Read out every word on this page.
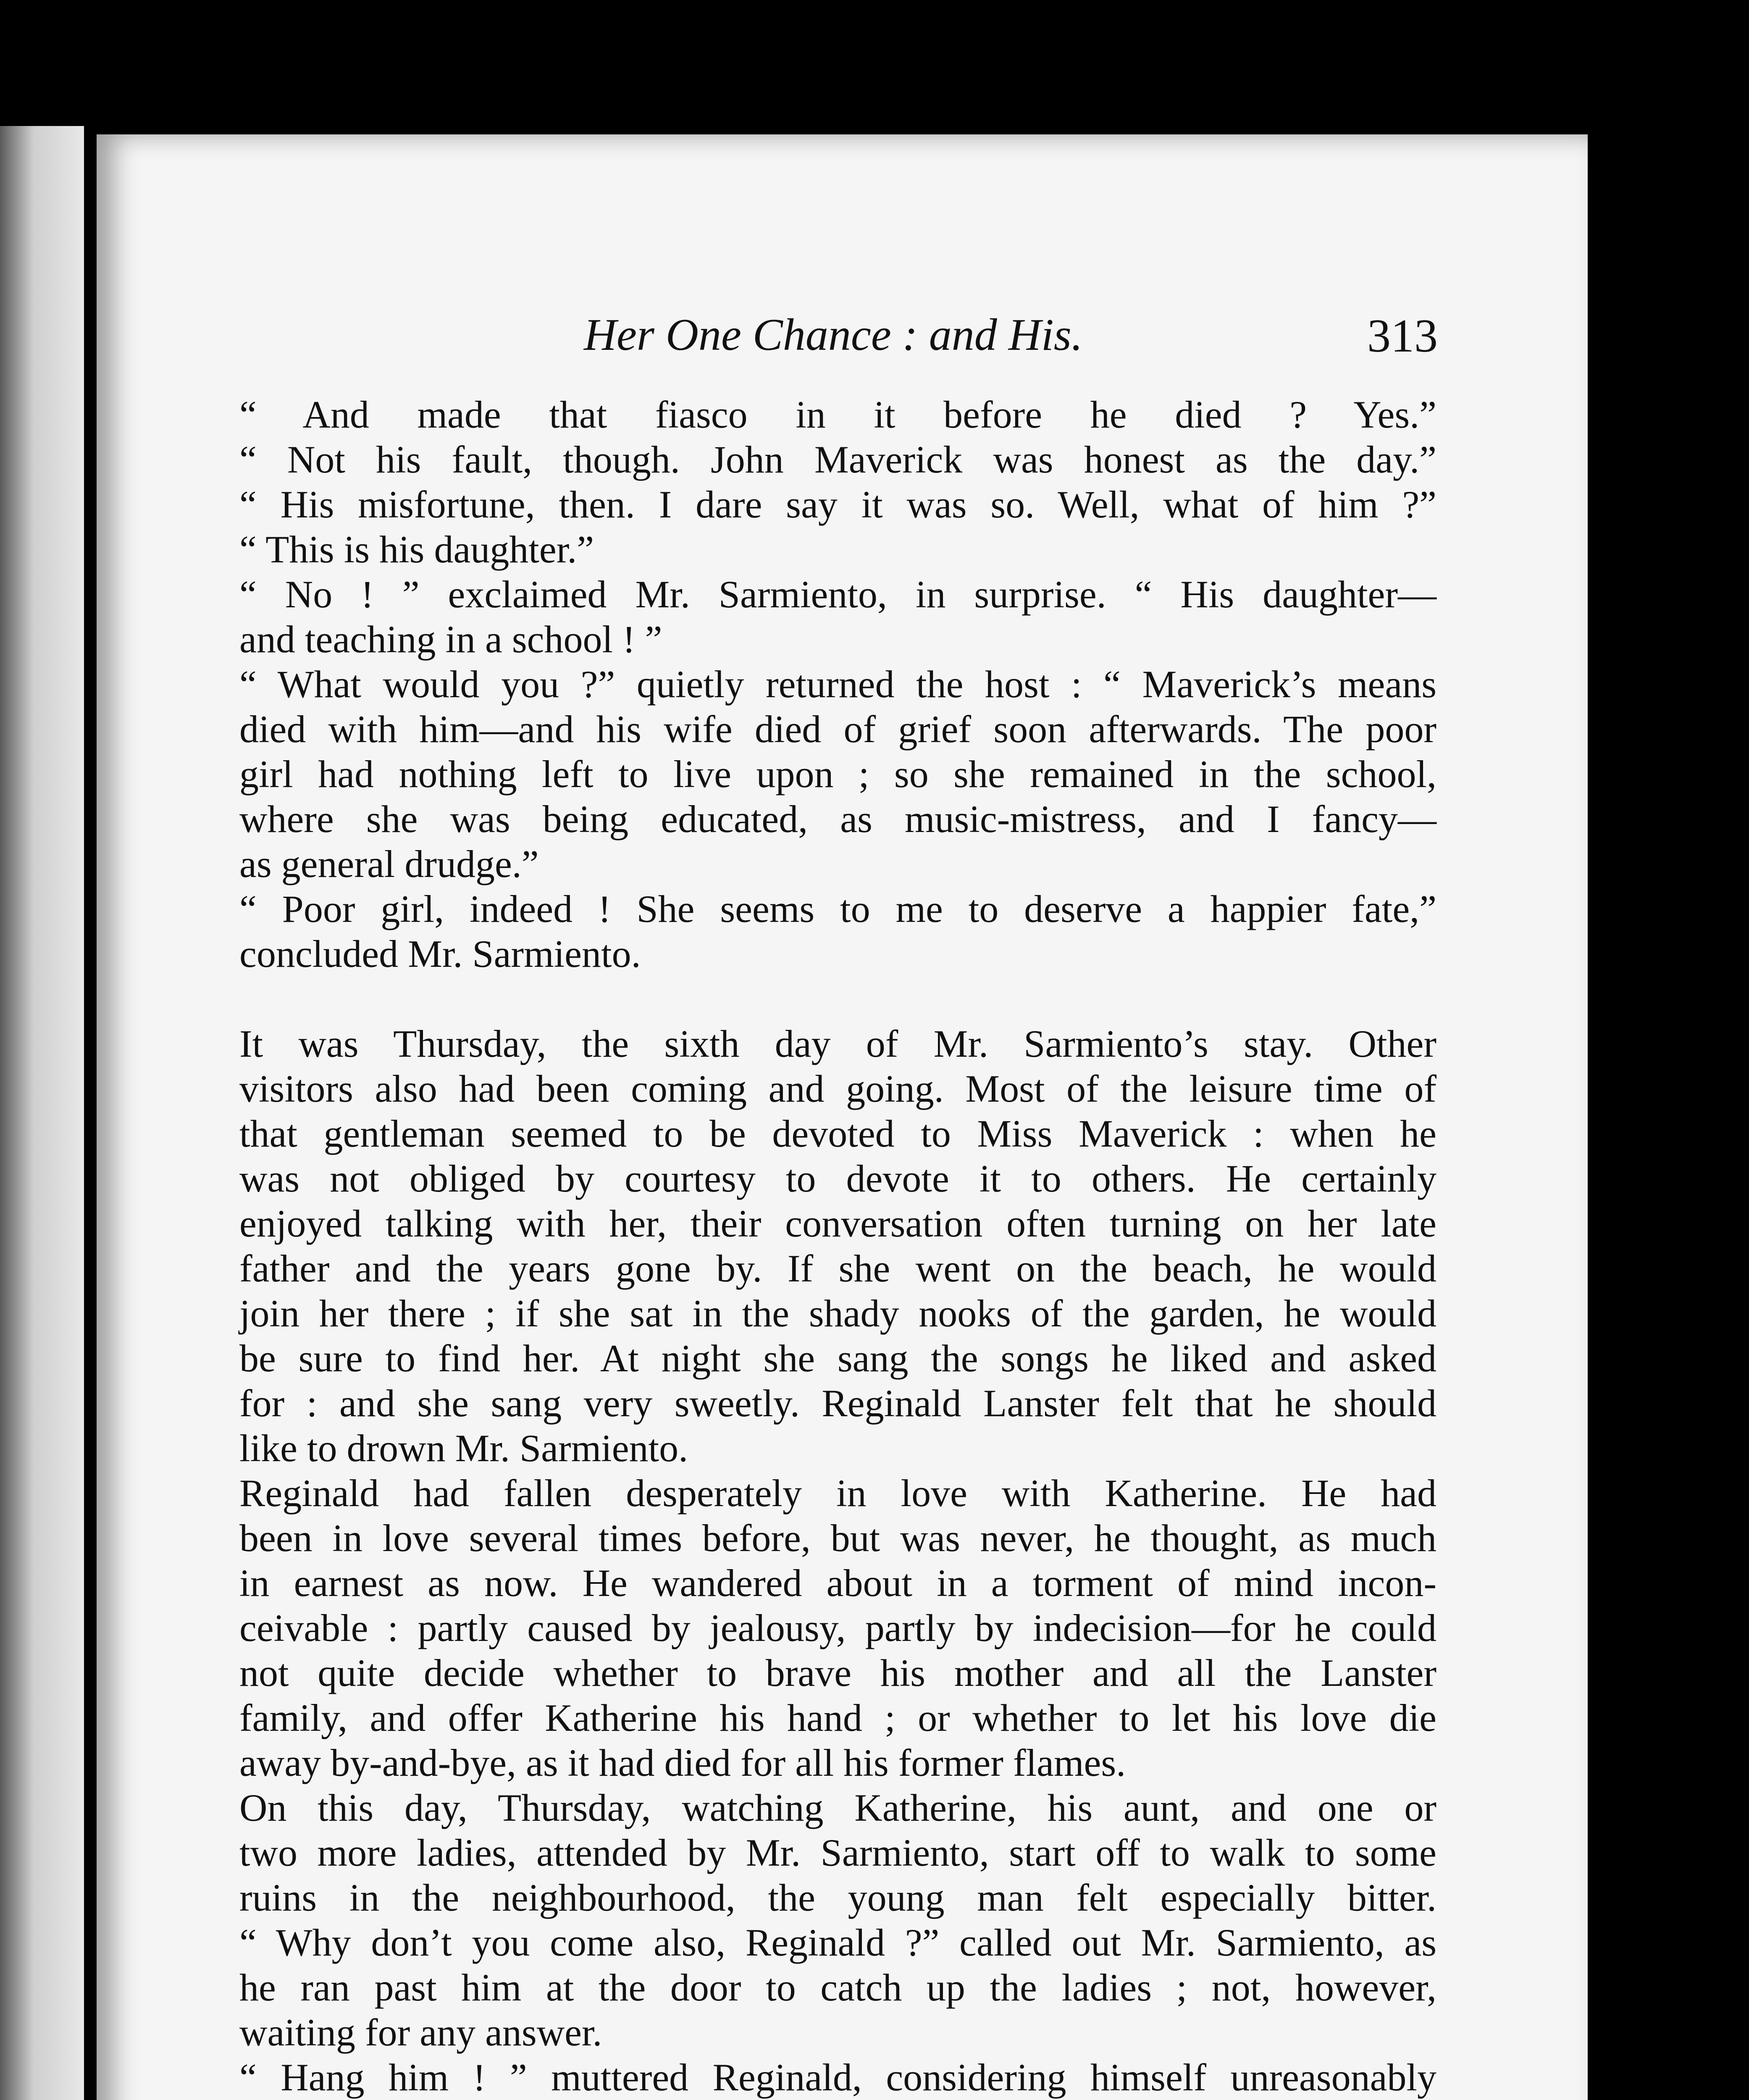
Her One Chance : and His.	313
“ And made that fiasco in it before he died ? Yes.”
“ Not his fault, though. John Maverick was honest as the day.”
“ His misfortune, then. I dare say it was so. Well, what of him ?”
“ This is his daughter.”
“ No ! ” exclaimed Mr. Sarmiento, in surprise. “ His daughter—
and teaching in a school ! ”
“ What would you ?” quietly returned the host : “ Maverick’s means
died with him—and his wife died of grief soon afterwards. The poor
girl had nothing left to live upon ; so she remained in the school,
where she was being educated, as music-mistress, and I fancy—
as general drudge.”
“ Poor girl, indeed ! She seems to me to deserve a happier fate,”
concluded Mr. Sarmiento.
It was Thursday, the sixth day of Mr. Sarmiento’s stay. Other
visitors also had been coming and going. Most of the leisure time of
that gentleman seemed to be devoted to Miss Maverick : when he
was not obliged by courtesy to devote it to others. He certainly
enjoyed talking with her, their conversation often turning on her late
father and the years gone by. If she went on the beach, he would
join her there ; if she sat in the shady nooks of the garden, he would
be sure to find her. At night she sang the songs he liked and asked
for : and she sang very sweetly. Reginald Lanster felt that he should
like to drown Mr. Sarmiento.
Reginald had fallen desperately in love with Katherine. He had
been in love several times before, but was never, he thought, as much
in earnest as now. He wandered about in a torment of mind incon-
ceivable : partly caused by jealousy, partly by indecision—for he could
not quite decide whether to brave his mother and all the Lanster
family, and offer Katherine his hand ; or whether to let his love die
away by-and-bye, as it had died for all his former flames.
On this day, Thursday, watching Katherine, his aunt, and one or
two more ladies, attended by Mr. Sarmiento, start off to walk to some
ruins in the neighbourhood, the young man felt especially bitter.
“ Why don’t you come also, Reginald ?” called out Mr. Sarmiento, as
he ran past him at the door to catch up the ladies ; not, however,
waiting for any answer.
“ Hang him ! ” muttered Reginald, considering himself unreasonably
